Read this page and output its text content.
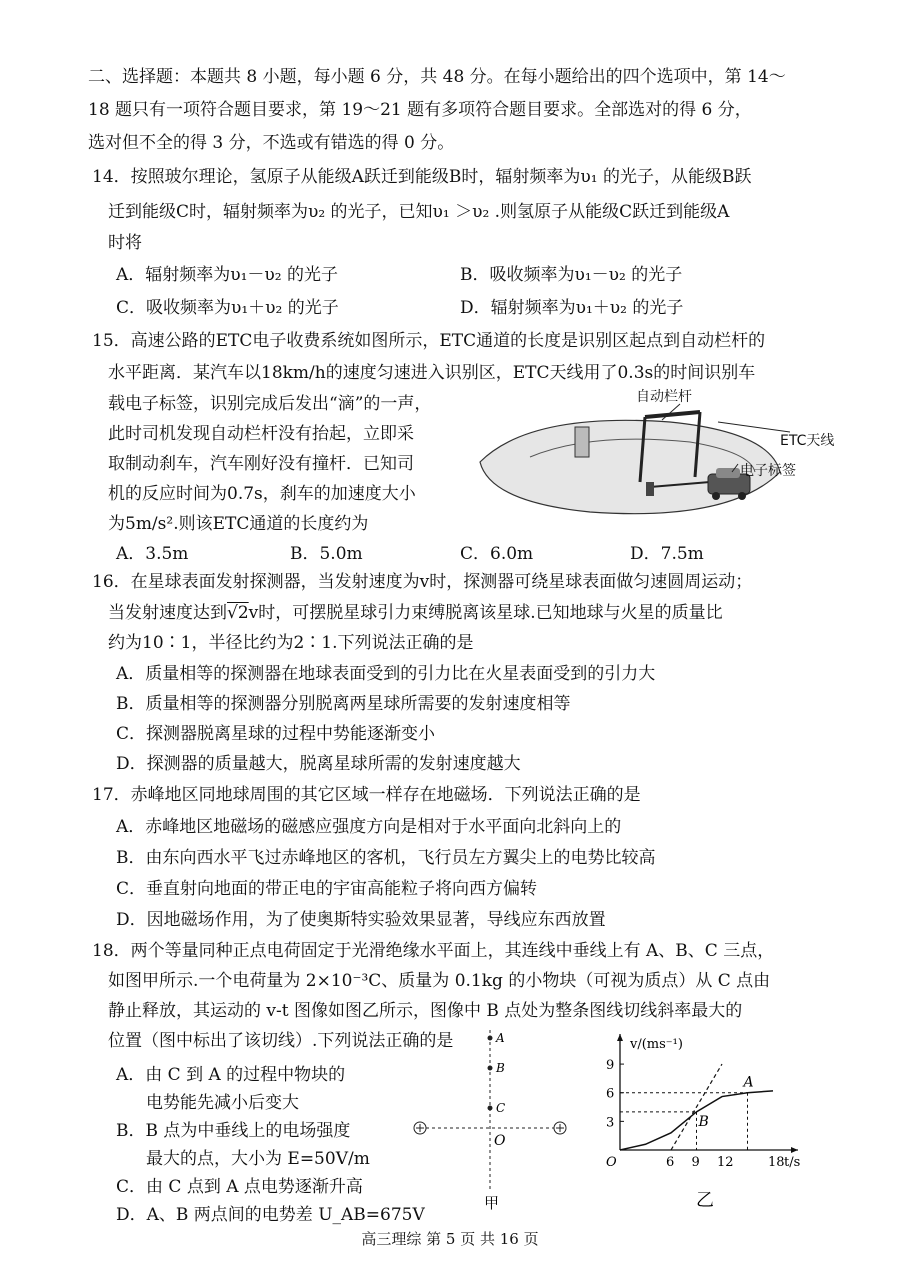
二、选择题：本题共 8 小题，每小题 6 分，共 48 分。在每小题给出的四个选项中，第 14～
18 题只有一项符合题目要求，第 19～21 题有多项符合题目要求。全部选对的得 6 分，
选对但不全的得 3 分，不选或有错选的得 0 分。
14．按照玻尔理论，氢原子从能级A跃迁到能级B时，辐射频率为υ₁ 的光子，从能级B跃
迁到能级C时，辐射频率为υ₂ 的光子，已知υ₁ ＞υ₂ .则氢原子从能级C跃迁到能级A
时将
A．辐射频率为υ₁－υ₂ 的光子	B．吸收频率为υ₁－υ₂ 的光子
C．吸收频率为υ₁＋υ₂ 的光子	D．辐射频率为υ₁＋υ₂ 的光子
15．高速公路的ETC电子收费系统如图所示，ETC通道的长度是识别区起点到自动栏杆的
水平距离．某汽车以18km/h的速度匀速进入识别区，ETC天线用了0.3s的时间识别车
载电子标签，识别完成后发出“滴”的一声，
此时司机发现自动栏杆没有抬起，立即采
取制动刹车，汽车刚好没有撞杆．已知司
机的反应时间为0.7s，刹车的加速度大小
为5m/s².则该ETC通道的长度约为
A．3.5m	B．5.0m	C．6.0m	D．7.5m
自动栏杆
ETC天线
电子标签
16．在星球表面发射探测器，当发射速度为v时，探测器可绕星球表面做匀速圆周运动；
当发射速度达到√2v时，可摆脱星球引力束缚脱离该星球.已知地球与火星的质量比
约为10∶1，半径比约为2∶1.下列说法正确的是
A．质量相等的探测器在地球表面受到的引力比在火星表面受到的引力大
B．质量相等的探测器分别脱离两星球所需要的发射速度相等
C．探测器脱离星球的过程中势能逐渐变小
D．探测器的质量越大，脱离星球所需的发射速度越大
17．赤峰地区同地球周围的其它区域一样存在地磁场．下列说法正确的是
A．赤峰地区地磁场的磁感应强度方向是相对于水平面向北斜向上的
B．由东向西水平飞过赤峰地区的客机，飞行员左方翼尖上的电势比较高
C．垂直射向地面的带正电的宇宙高能粒子将向西方偏转
D．因地磁场作用，为了使奥斯特实验效果显著，导线应东西放置
18．两个等量同种正点电荷固定于光滑绝缘水平面上，其连线中垂线上有 A、B、C 三点，
如图甲所示.一个电荷量为 2×10⁻³C、质量为 0.1kg 的小物块（可视为质点）从 C 点由
静止释放，其运动的 v-t 图像如图乙所示，图像中 B 点处为整条图线切线斜率最大的
位置（图中标出了该切线）.下列说法正确的是
A．由 C 到 A 的过程中物块的
电势能先减小后变大
B．B 点为中垂线上的电场强度
最大的点，大小为 E=50V/m
C．由 C 点到 A 点电势逐渐升高
D．A、B 两点间的电势差 U_AB=675V
A
B
C
O
甲
v/(ms⁻¹)
t/s
O	6 9 12	18
3
6
9
B
A
乙
高三理综 第 5 页 共 16 页
